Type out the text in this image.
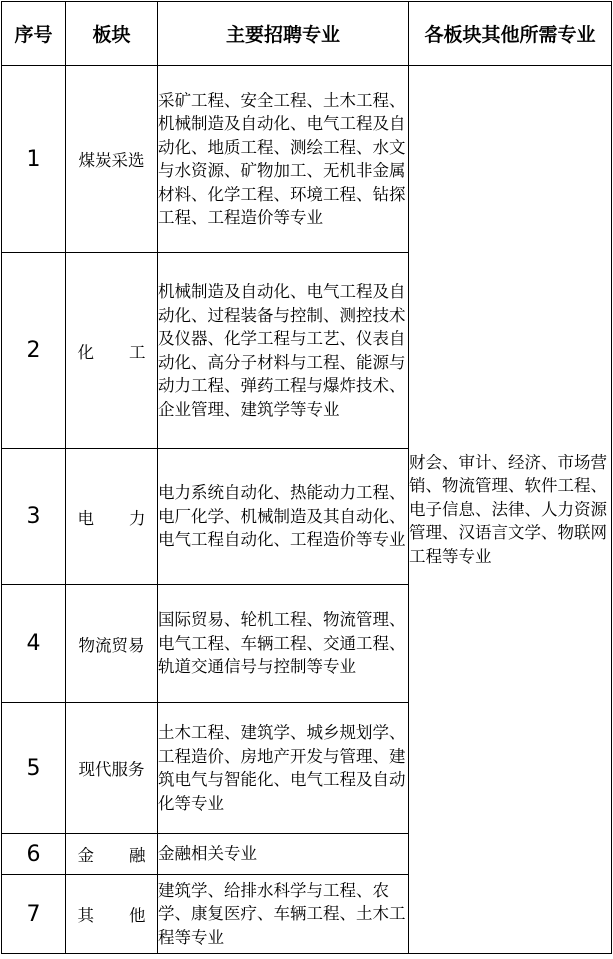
序号	板块	主要招聘专业	各板块其他所需专业
1	煤炭采选	采矿工程、安全工程、土木工程、机械制造及自动化、电气工程及自动化、地质工程、测绘工程、水文与水资源、矿物加工、无机非金属材料、化学工程、环境工程、钻探工程、工程造价等专业	财会、审计、经济、市场营销、物流管理、软件工程、电子信息、法律、人力资源管理、汉语言文学、物联网工程等专业

2	化 工	机械制造及自动化、电气工程及自动化、过程装备与控制、测控技术及仪器、化学工程与工艺、仪表自动化、高分子材料与工程、能源与动力工程、弹药工程与爆炸技术、企业管理、建筑学等专业	
3	电 力	电力系统自动化、热能动力工程、电厂化学、机械制造及其自动化、电气工程自动化、工程造价等专业	
4	物流贸易	国际贸易、轮机工程、物流管理、电气工程、车辆工程、交通工程、轨道交通信号与控制等专业	
5	现代服务	土木工程、建筑学、城乡规划学、工程造价、房地产开发与管理、建筑电气与智能化、电气工程及自动化等专业	
6	金 融	金融相关专业	
7	其 他	建筑学、给排水科学与工程、农学、康复医疗、车辆工程、土木工程等专业	
